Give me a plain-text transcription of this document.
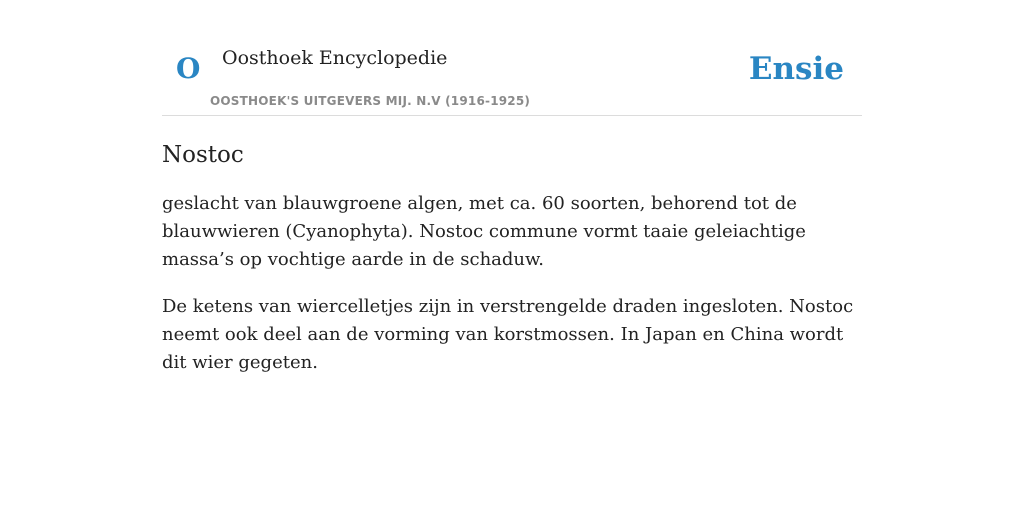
O Oosthoek Encyclopedie
OOSTHOEK'S UITGEVERS MIJ. N.V (1916-1925)
Ensie
Nostoc

geslacht van blauwgroene algen, met ca. 60 soorten, behorend tot de blauwwieren (Cyanophyta). Nostoc commune vormt taaie geleiachtige massa’s op vochtige aarde in de schaduw.

De ketens van wiercelletjes zijn in verstrengelde draden ingesloten. Nostoc neemt ook deel aan de vorming van korstmossen. In Japan en China wordt dit wier gegeten.
